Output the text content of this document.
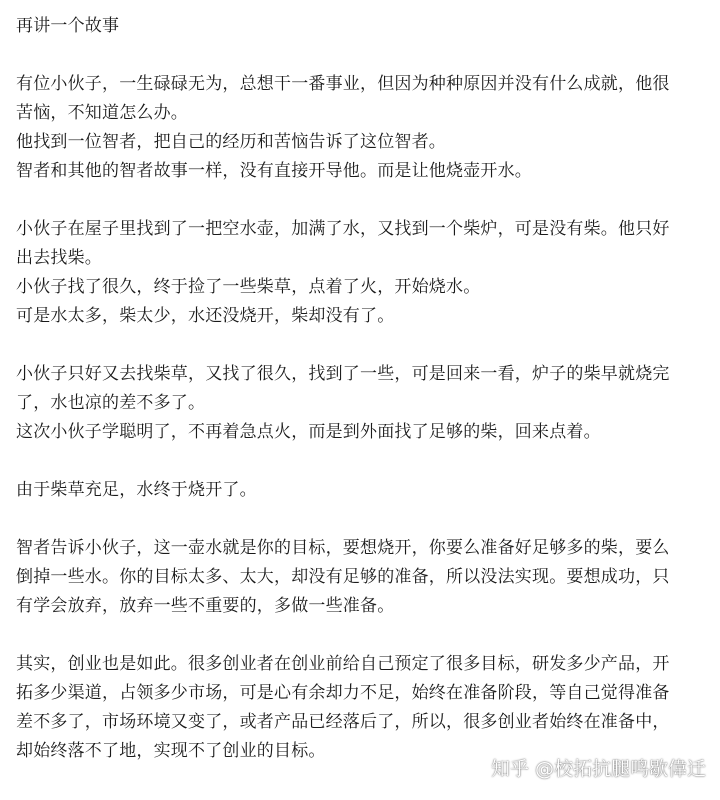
再讲一个故事
有位小伙子，一生碌碌无为，总想干一番事业，但因为种种原因并没有什么成就，他很
苦恼，不知道怎么办。
他找到一位智者，把自己的经历和苦恼告诉了这位智者。
智者和其他的智者故事一样，没有直接开导他。而是让他烧壶开水。
小伙子在屋子里找到了一把空水壶，加满了水，又找到一个柴炉，可是没有柴。他只好
出去找柴。
小伙子找了很久，终于捡了一些柴草，点着了火，开始烧水。
可是水太多，柴太少，水还没烧开，柴却没有了。
小伙子只好又去找柴草，又找了很久，找到了一些，可是回来一看，炉子的柴早就烧完
了，水也凉的差不多了。
这次小伙子学聪明了，不再着急点火，而是到外面找了足够的柴，回来点着。
由于柴草充足，水终于烧开了。
智者告诉小伙子，这一壶水就是你的目标，要想烧开，你要么准备好足够多的柴，要么
倒掉一些水。你的目标太多、太大，却没有足够的准备，所以没法实现。要想成功，只
有学会放弃，放弃一些不重要的，多做一些准备。
其实，创业也是如此。很多创业者在创业前给自己预定了很多目标，研发多少产品，开
拓多少渠道，占领多少市场，可是心有余却力不足，始终在准备阶段，等自己觉得准备
差不多了，市场环境又变了，或者产品已经落后了，所以，很多创业者始终在准备中，
却始终落不了地，实现不了创业的目标。
知乎 @校拓抗腿鸣歇偉迁
